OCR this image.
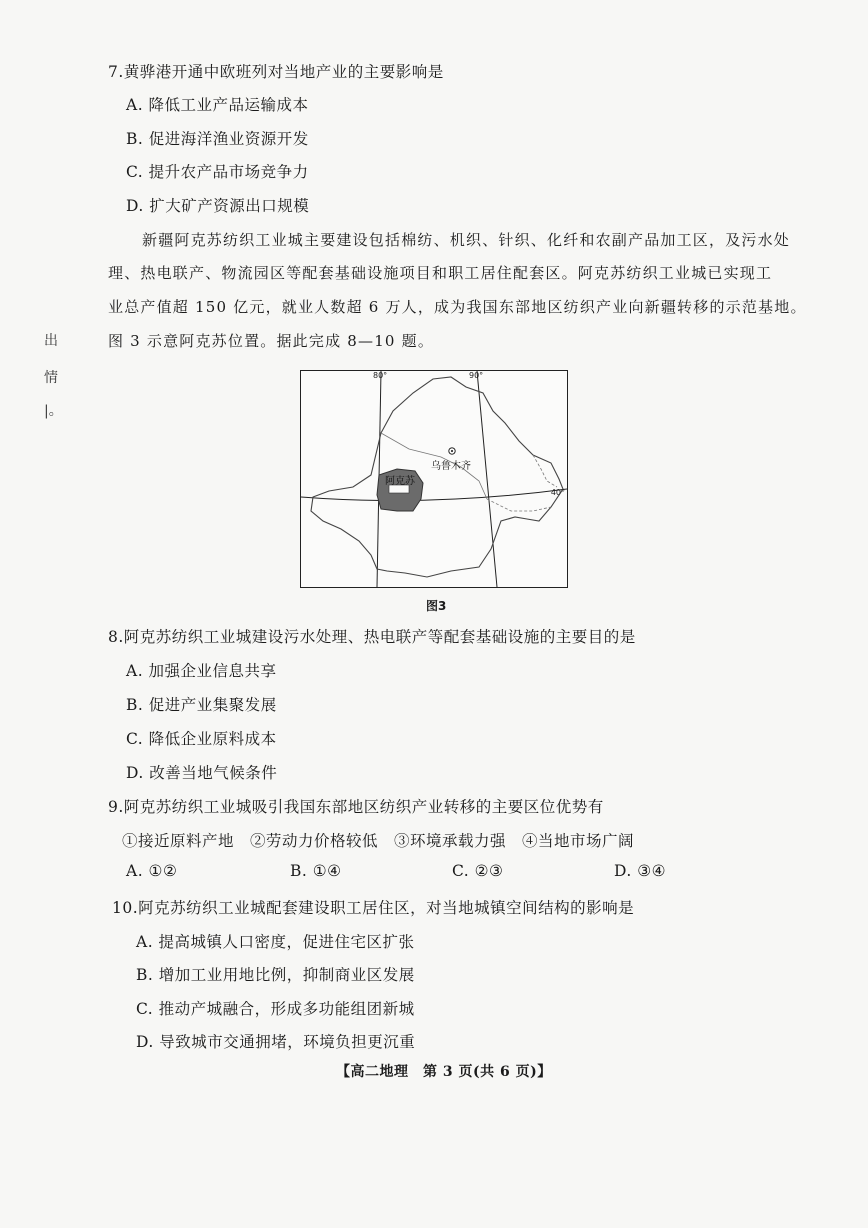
出
情
|。
7.黄骅港开通中欧班列对当地产业的主要影响是
A. 降低工业产品运输成本
B. 促进海洋渔业资源开发
C. 提升农产品市场竞争力
D. 扩大矿产资源出口规模
新疆阿克苏纺织工业城主要建设包括棉纺、机织、针织、化纤和农副产品加工区，及污水处
理、热电联产、物流园区等配套基础设施项目和职工居住配套区。阿克苏纺织工业城已实现工
业总产值超 150 亿元，就业人数超 6 万人，成为我国东部地区纺织产业向新疆转移的示范基地。
图 3 示意阿克苏位置。据此完成 8—10 题。
80°	90°
40°
乌鲁木齐
阿克苏
图3
8.阿克苏纺织工业城建设污水处理、热电联产等配套基础设施的主要目的是
A. 加强企业信息共享
B. 促进产业集聚发展
C. 降低企业原料成本
D. 改善当地气候条件
9.阿克苏纺织工业城吸引我国东部地区纺织产业转移的主要区位优势有
①接近原料产地　②劳动力价格较低　③环境承载力强　④当地市场广阔
A. ①②	B. ①④	C. ②③	D. ③④
10.阿克苏纺织工业城配套建设职工居住区，对当地城镇空间结构的影响是
A. 提高城镇人口密度，促进住宅区扩张
B. 增加工业用地比例，抑制商业区发展
C. 推动产城融合，形成多功能组团新城
D. 导致城市交通拥堵，环境负担更沉重
【高二地理　第 3 页(共 6 页)】
